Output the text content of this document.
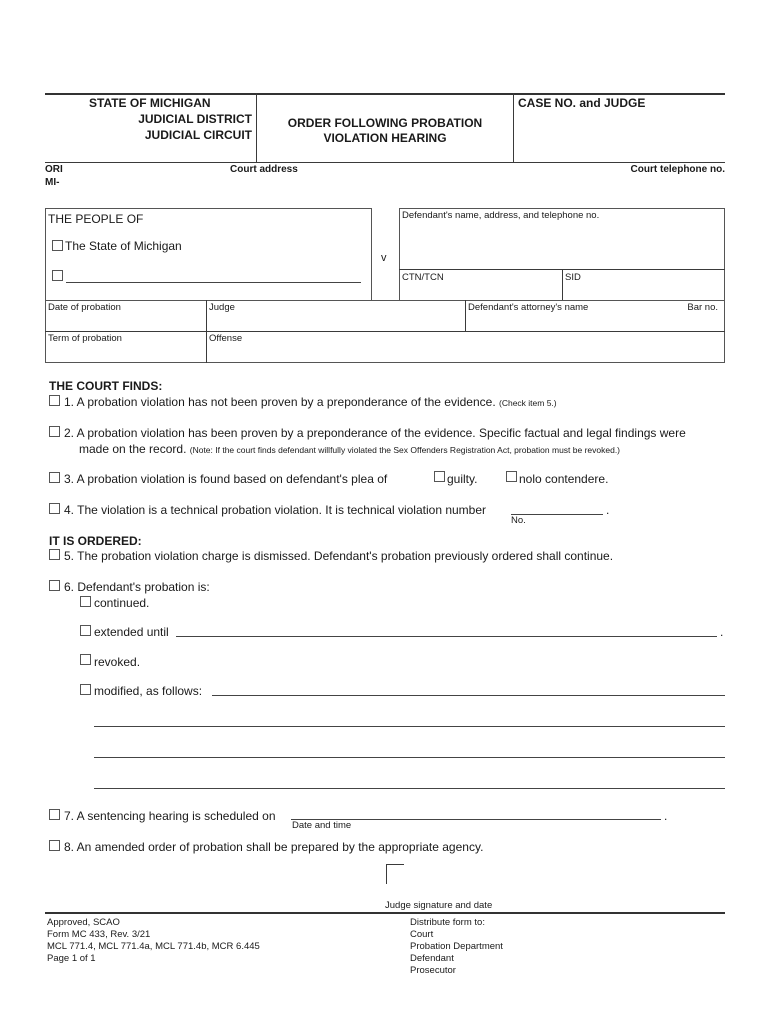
STATE OF MICHIGAN
JUDICIAL DISTRICT
JUDICIAL CIRCUIT
ORDER FOLLOWING PROBATION
VIOLATION HEARING
CASE NO. and JUDGE
ORI
MI-
Court address	Court telephone no.
THE PEOPLE OF
The State of Michigan
v
Defendant's name, address, and telephone no.
CTN/TCN	SID
Date of probation	Judge	Defendant's attorney's name	Bar no.
Term of probation	Offense
THE COURT FINDS:
1. A probation violation has not been proven by a preponderance of the evidence. (Check item 5.)
2. A probation violation has been proven by a preponderance of the evidence. Specific factual and legal findings were
made on the record. (Note: If the court finds defendant willfully violated the Sex Offenders Registration Act, probation must be revoked.)
3. A probation violation is found based on defendant's plea of	guilty.	nolo contendere.
4. The violation is a technical probation violation. It is technical violation number	.
No.
IT IS ORDERED:
5. The probation violation charge is dismissed. Defendant's probation previously ordered shall continue.
6. Defendant's probation is:
continued.
extended until	.
revoked.
modified, as follows:
7. A sentencing hearing is scheduled on	.
Date and time
8. An amended order of probation shall be prepared by the appropriate agency.
Judge signature and date
Approved, SCAO
Form MC 433, Rev. 3/21
MCL 771.4, MCL 771.4a, MCL 771.4b, MCR 6.445
Page 1 of 1
Distribute form to:
Court
Probation Department
Defendant
Prosecutor
